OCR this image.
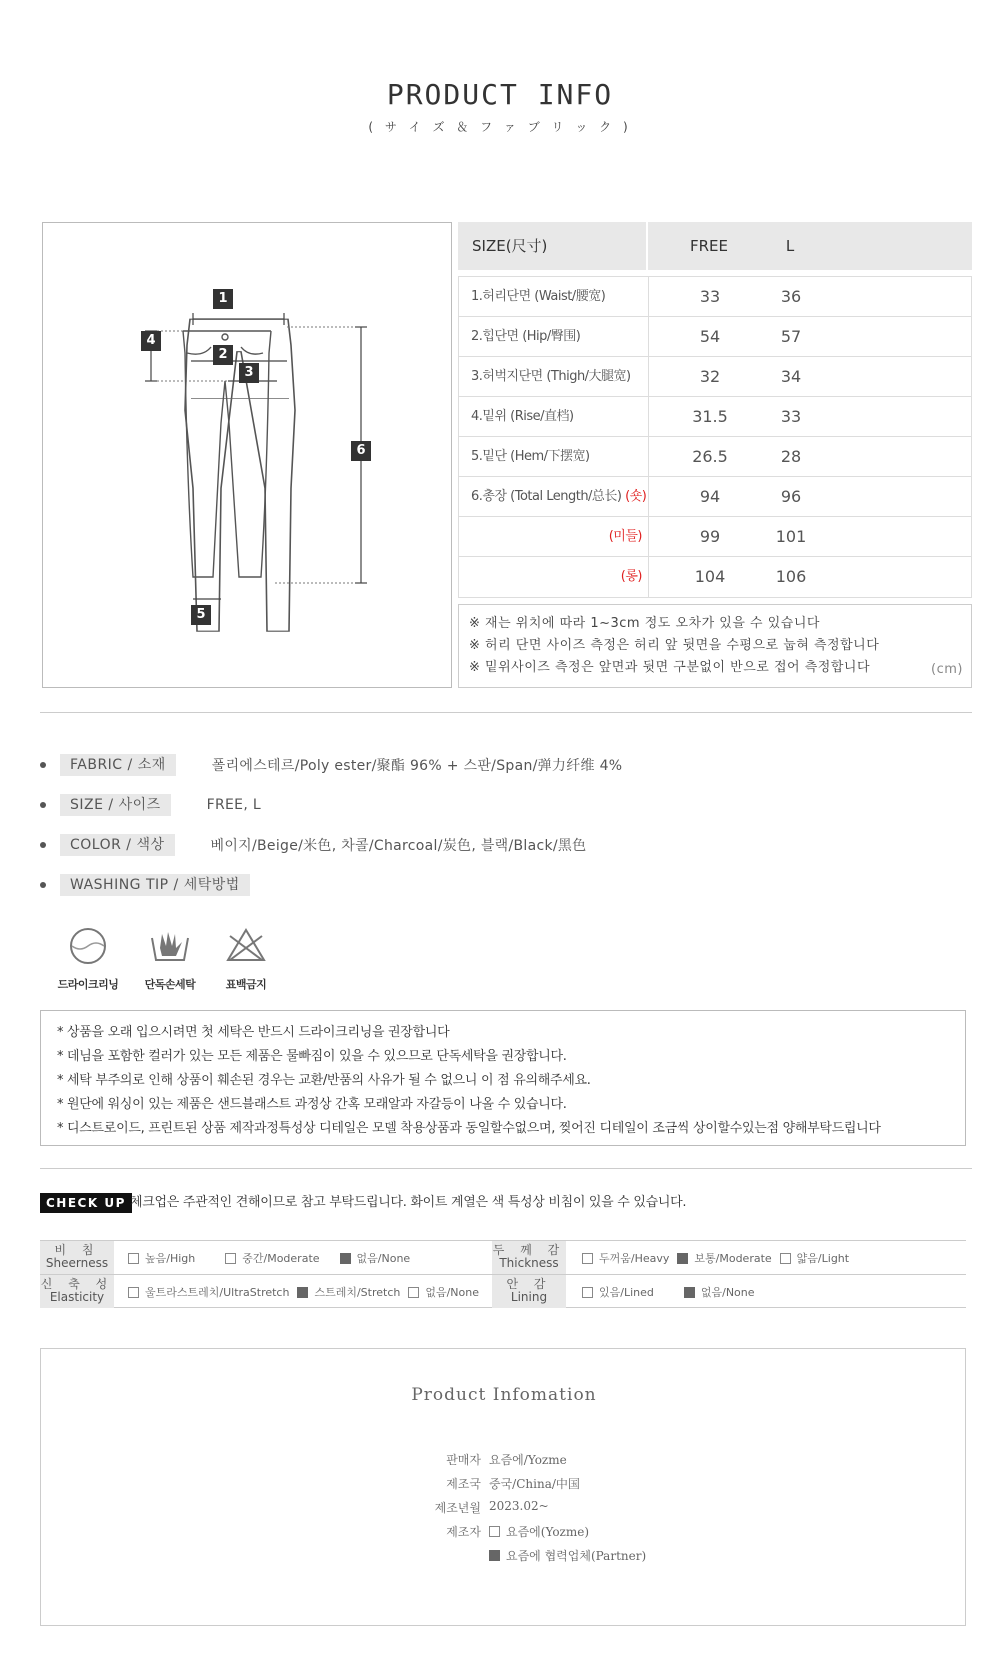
PRODUCT INFO
( サ イ ズ ＆ フ ァ ブ リ ッ ク )
1
2
3
4
5
6
SIZE(尺寸)	FREE	L
1.허리단면 (Waist/腰宽)	33	36
2.힙단면 (Hip/臀围)	54	57
3.허벅지단면 (Thigh/大腿宽)	32	34
4.밑위 (Rise/直档)	31.5	33
5.밑단 (Hem/下摆宽)	26.5	28
6.총장 (Total Length/总长) (숏)	94	96
(미들)	99	101
(롱)	104	106
※ 재는 위치에 따라 1~3cm 정도 오차가 있을 수 있습니다
※ 허리 단면 사이즈 측정은 허리 앞 뒷면을 수평으로 눕혀 측정합니다
※ 밑위사이즈 측정은 앞면과 뒷면 구분없이 반으로 접어 측정합니다	(cm)
FABRIC / 소재	폴리에스테르/Poly ester/聚酯 96% + 스판/Span/弹力纤维 4%
SIZE / 사이즈	FREE, L
COLOR / 색상	베이지/Beige/米色, 차콜/Charcoal/炭色, 블랙/Black/黑色
WASHING TIP / 세탁방법
드라이크리닝	단독손세탁	표백금지
* 상품을 오래 입으시려면 첫 세탁은 반드시 드라이크리닝을 권장합니다
* 데님을 포함한 컬러가 있는 모든 제품은 물빠짐이 있을 수 있으므로 단독세탁을 권장합니다.
* 세탁 부주의로 인해 상품이 훼손된 경우는 교환/반품의 사유가 될 수 없으니 이 점 유의해주세요.
* 원단에 워싱이 있는 제품은 샌드블래스트 과정상 간혹 모래알과 자갈등이 나올 수 있습니다.
* 디스트로이드, 프린트된 상품 제작과정특성상 디테일은 모델 착용상품과 동일할수없으며, 찢어진 디테일이 조금씩 상이할수있는점 양해부탁드립니다
CHECK UP 체크업은 주관적인 견해이므로 참고 부탁드립니다. 화이트 계열은 색 특성상 비침이 있을 수 있습니다.
비 침
Sheerness	높음/High	중간/Moderate	없음/None
두 께 감
Thickness	두꺼움/Heavy 보통/Moderate 얇음/Light
신 축 성
Elasticity	울트라스트레치/UltraStretch 스트레치/Stretch 없음/None
안 감
Lining	있음/Lined	없음/None
Product Infomation
판매자 요즘에/Yozme
제조국 중국/China/中国
제조년월 2023.02~
제조자 요즘에(Yozme)
요즘에 협력업체(Partner)
